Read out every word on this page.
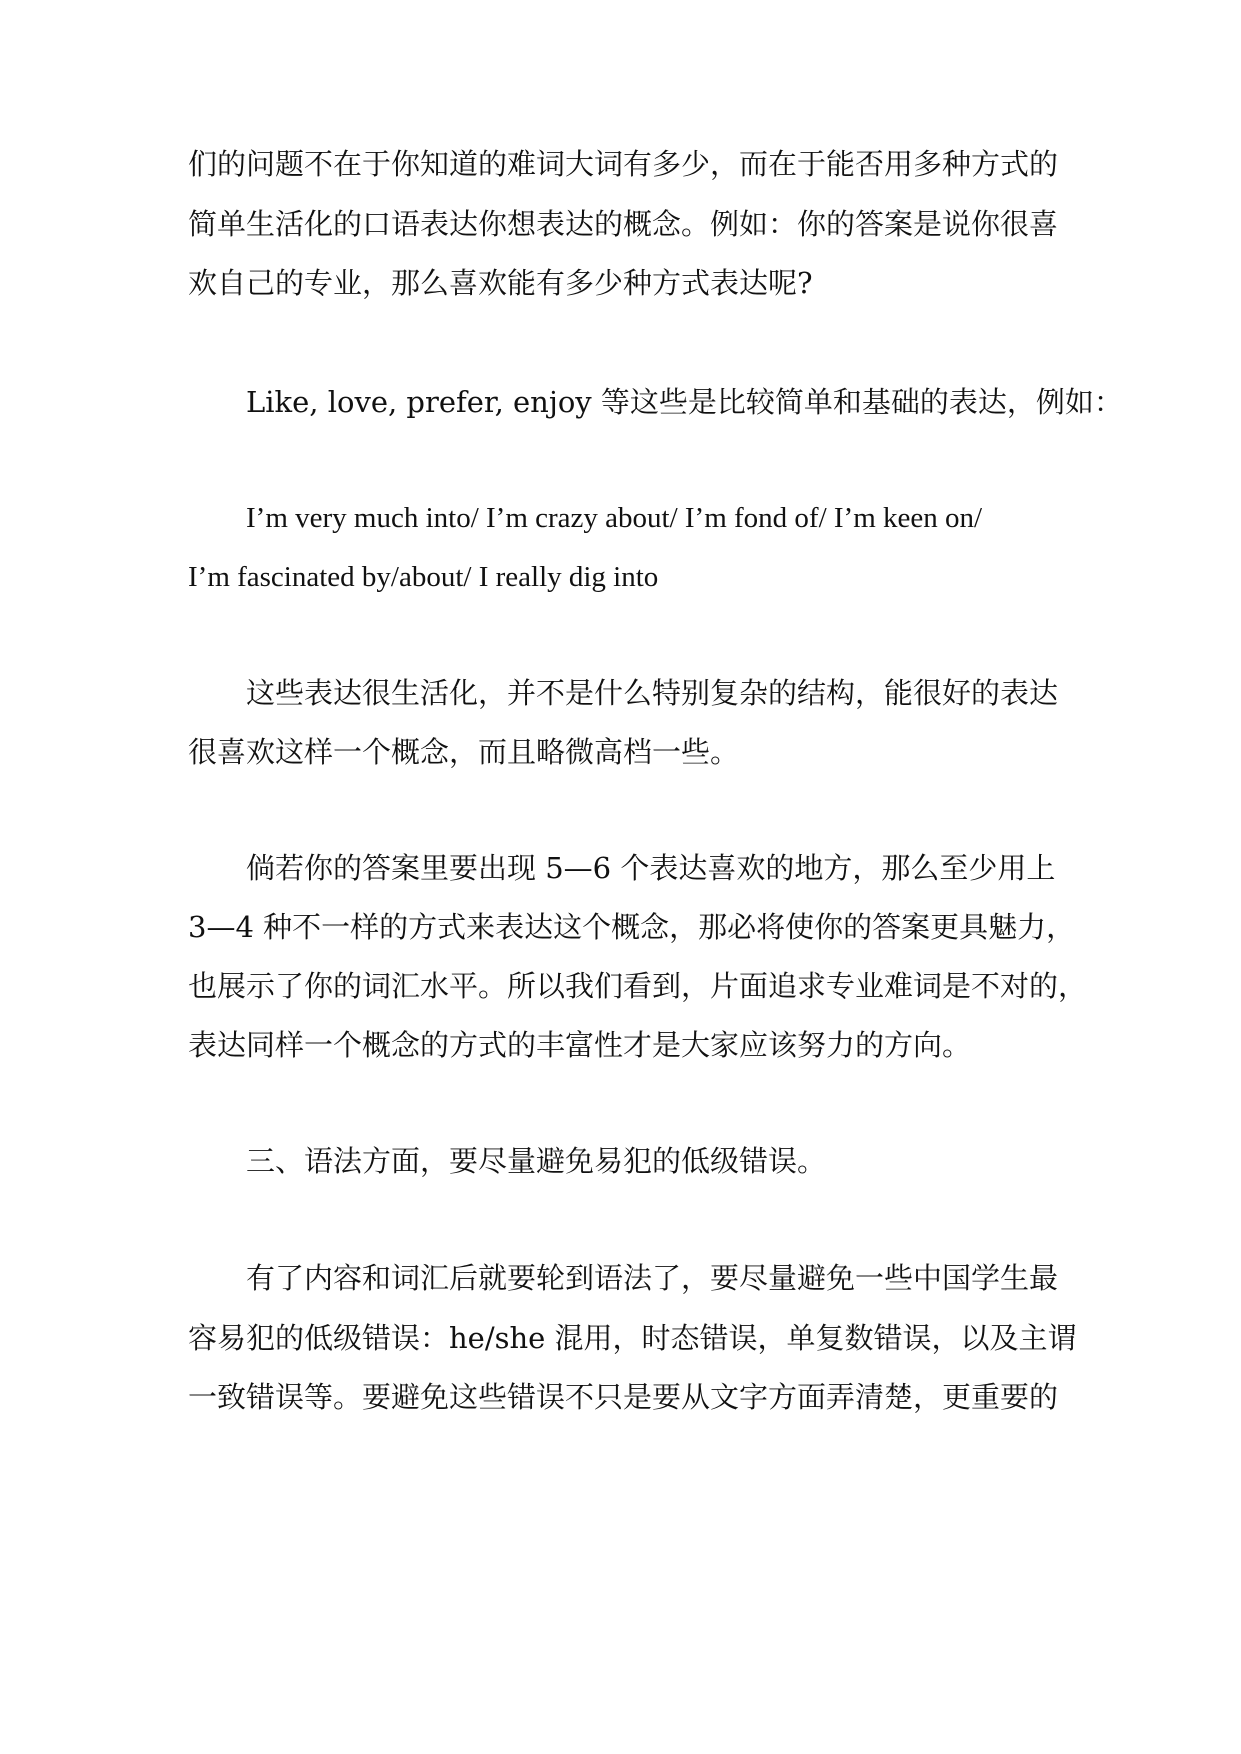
们的问题不在于你知道的难词大词有多少，而在于能否用多种方式的
简单生活化的口语表达你想表达的概念。例如：你的答案是说你很喜
欢自己的专业，那么喜欢能有多少种方式表达呢?
Like, love, prefer, enjoy 等这些是比较简单和基础的表达，例如：
I’m very much into/ I’m crazy about/ I’m fond of/ I’m keen on/
I’m fascinated by/about/ I really dig into
这些表达很生活化，并不是什么特别复杂的结构，能很好的表达
很喜欢这样一个概念，而且略微高档一些。
倘若你的答案里要出现 5—6 个表达喜欢的地方，那么至少用上
3—4 种不一样的方式来表达这个概念，那必将使你的答案更具魅力，
也展示了你的词汇水平。所以我们看到，片面追求专业难词是不对的，
表达同样一个概念的方式的丰富性才是大家应该努力的方向。
三、语法方面，要尽量避免易犯的低级错误。
有了内容和词汇后就要轮到语法了，要尽量避免一些中国学生最
容易犯的低级错误：he/she 混用，时态错误，单复数错误，以及主谓
一致错误等。要避免这些错误不只是要从文字方面弄清楚，更重要的
